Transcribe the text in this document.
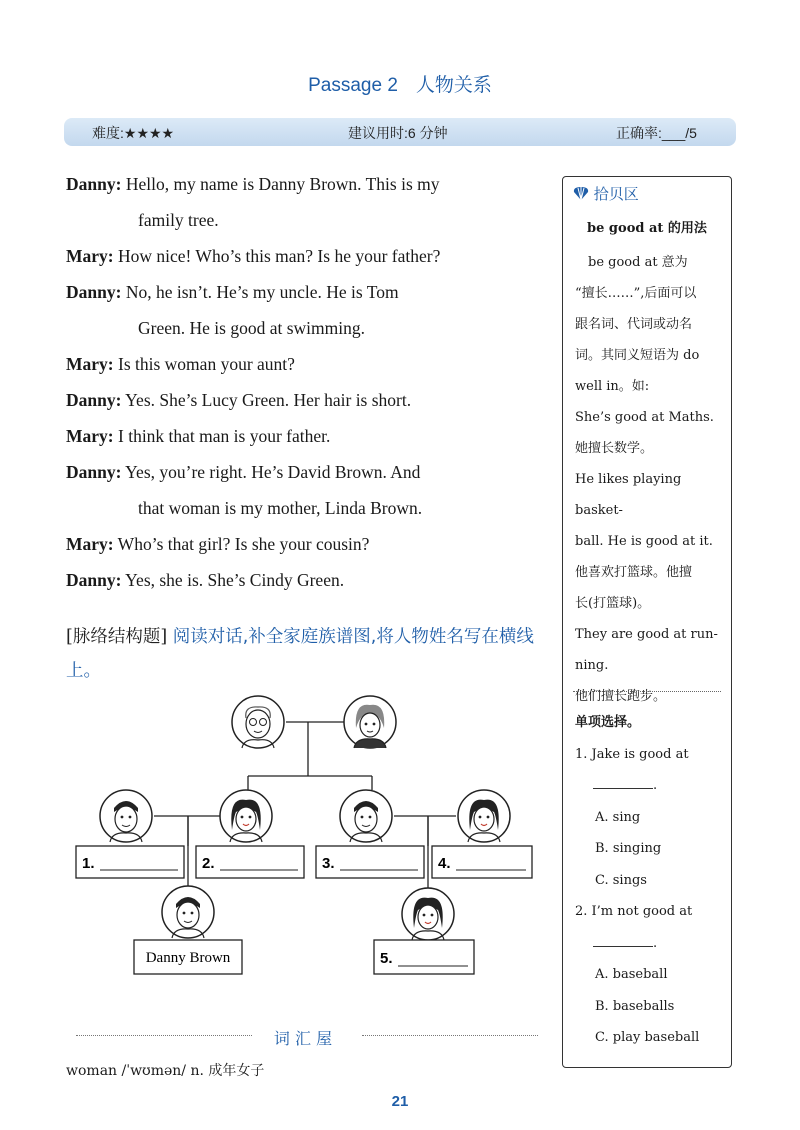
Passage 2 人物关系
难度:★★★★	建议用时:6 分钟	正确率:___/5
Danny: Hello, my name is Danny Brown. This is my
family tree.
Mary: How nice! Who’s this man? Is he your father?
Danny: No, he isn’t. He’s my uncle. He is Tom
Green. He is good at swimming.
Mary: Is this woman your aunt?
Danny: Yes. She’s Lucy Green. Her hair is short.
Mary: I think that man is your father.
Danny: Yes, you’re right. He’s David Brown. And
that woman is my mother, Linda Brown.
Mary: Who’s that girl? Is she your cousin?
Danny: Yes, she is. She’s Cindy Green.
[脉络结构题] 阅读对话,补全家庭族谱图,将人物姓名写在横线上。
1.	2.	3.	4.
Danny Brown	5.
拾贝区
be good at 的用法

　be good at 意为

“擅长……”,后面可以

跟名词、代词或动名

词。其同义短语为 do

well in。如:

She’s good at Maths.

她擅长数学。

He likes playing basket-

ball. He is good at it.

他喜欢打篮球。他擅

长(打篮球)。

They are good at run-

ning.

他们擅长跑步。

单项选择。

1. Jake is good at

.

A. sing

B. singing

C. sings

2. I’m not good at

.

A. baseball

B. baseballs

C. play baseball

词 汇 屋
woman /ˈwʊmən/ n. 成年女子
21
